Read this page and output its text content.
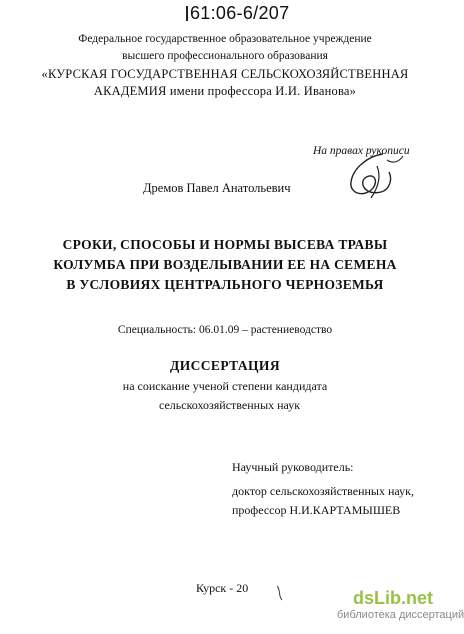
61:06-6/207
Федеральное государственное образовательное учреждение
высшего профессионального образования
«КУРСКАЯ ГОСУДАРСТВЕННАЯ СЕЛЬСКОХОЗЯЙСТВЕННАЯ
АКАДЕМИЯ имени профессора И.И. Иванова»
На правах рукописи
Дремов Павел Анатольевич
СРОКИ, СПОСОБЫ И НОРМЫ ВЫСЕВА ТРАВЫ
КОЛУМБА ПРИ ВОЗДЕЛЫВАНИИ ЕЕ НА СЕМЕНА
В УСЛОВИЯХ ЦЕНТРАЛЬНОГО ЧЕРНОЗЕМЬЯ
Специальность: 06.01.09 – растениеводство
ДИССЕРТАЦИЯ
на соискание ученой степени кандидата
сельскохозяйственных наук
Научный руководитель:
доктор сельскохозяйственных наук,
профессор Н.И.КАРТАМЫШЕВ
Курск - 20	dsLib.net
библиотека диссертаций
